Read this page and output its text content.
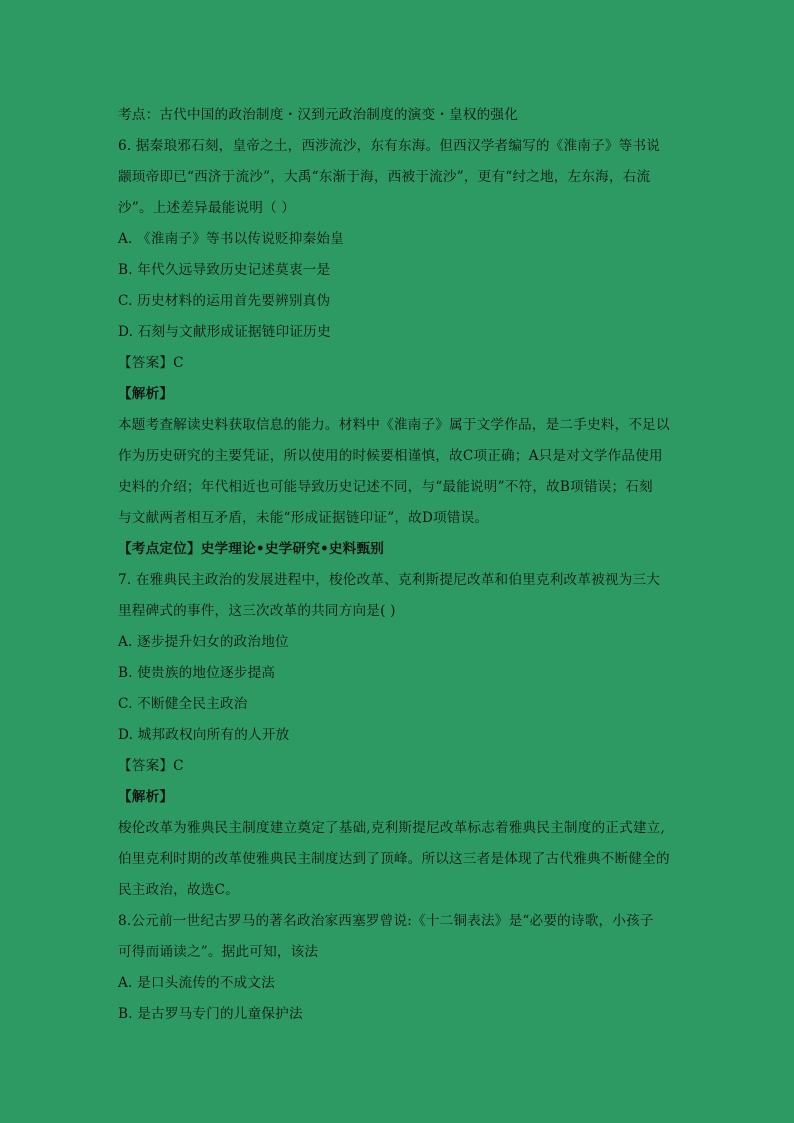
考点：古代中国的政治制度・汉到元政治制度的演变・皇权的强化
6. 据秦琅邪石刻，皇帝之土，西涉流沙，东有东海。但西汉学者编写的《淮南子》等书说
颛顼帝即已“西济于流沙”，大禹“东渐于海，西被于流沙”，更有“纣之地，左东海，右流
沙”。上述差异最能说明（ ）
A. 《淮南子》等书以传说贬抑秦始皇
B. 年代久远导致历史记述莫衷一是
C. 历史材料的运用首先要辨别真伪
D. 石刻与文献形成证据链印证历史
【答案】C
【解析】
本题考查解读史料获取信息的能力。材料中《淮南子》属于文学作品，是二手史料，不足以
作为历史研究的主要凭证，所以使用的时候要相谨慎，故C项正确；A只是对文学作品使用
史料的介绍；年代相近也可能导致历史记述不同，与“最能说明”不符，故B项错误；石刻
与文献两者相互矛盾，未能“形成证据链印证”，故D项错误。
【考点定位】史学理论•史学研究•史料甄别
7. 在雅典民主政治的发展进程中，梭伦改革、克利斯提尼改革和伯里克利改革被视为三大
里程碑式的事件，这三次改革的共同方向是( )
A. 逐步提升妇女的政治地位
B. 使贵族的地位逐步提高
C. 不断健全民主政治
D. 城邦政权向所有的人开放
【答案】C
【解析】
梭伦改革为雅典民主制度建立奠定了基础,克利斯提尼改革标志着雅典民主制度的正式建立,
伯里克利时期的改革使雅典民主制度达到了顶峰。所以这三者是体现了古代雅典不断健全的
民主政治，故选C。
8.公元前一世纪古罗马的著名政治家西塞罗曾说:《十二铜表法》是“必要的诗歌，小孩子
可得而诵读之”。据此可知，该法
A. 是口头流传的不成文法
B. 是古罗马专门的儿童保护法
